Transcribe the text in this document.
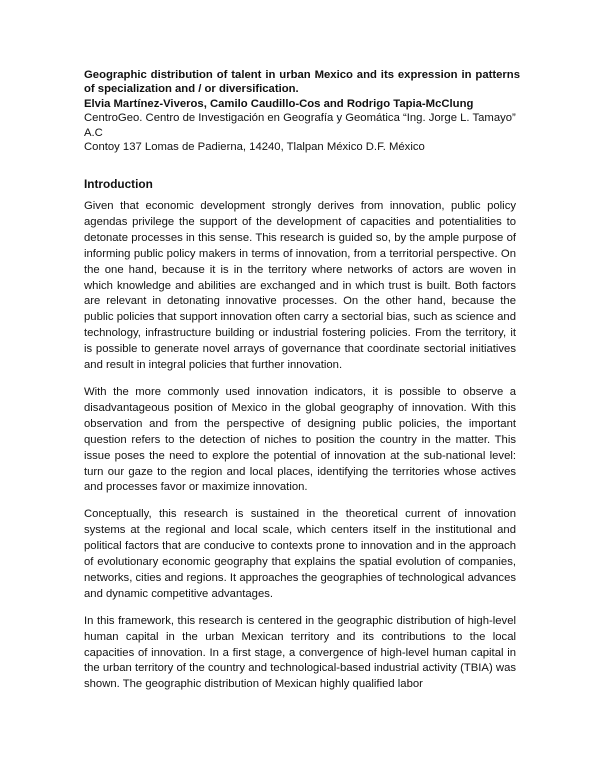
Geographic distribution of talent in urban Mexico and its expression in patterns of specialization and / or diversification.

Elvia Martínez-Viveros, Camilo Caudillo-Cos and Rodrigo Tapia-McClung

CentroGeo. Centro de Investigación en Geografía y Geomática “Ing. Jorge L. Tamayo” A.C

Contoy 137 Lomas de Padierna, 14240, Tlalpan México D.F. México

Introduction

Given that economic development strongly derives from innovation, public policy agendas privilege the support of the development of capacities and potentialities to detonate processes in this sense. This research is guided so, by the ample purpose of informing public policy makers in terms of innovation, from a territorial perspective. On the one hand, because it is in the territory where networks of actors are woven in which knowledge and abilities are exchanged and in which trust is built. Both factors are relevant in detonating innovative processes. On the other hand, because the public policies that support innovation often carry a sectorial bias, such as science and technology, infrastructure building or industrial fostering policies. From the territory, it is possible to generate novel arrays of governance that coordinate sectorial initiatives and result in integral policies that further innovation.

With the more commonly used innovation indicators, it is possible to observe a disadvantageous position of Mexico in the global geography of innovation. With this observation and from the perspective of designing public policies, the important question refers to the detection of niches to position the country in the matter. This issue poses the need to explore the potential of innovation at the sub-national level: turn our gaze to the region and local places, identifying the territories whose actives and processes favor or maximize innovation.

Conceptually, this research is sustained in the theoretical current of innovation systems at the regional and local scale, which centers itself in the institutional and political factors that are conducive to contexts prone to innovation and in the approach of evolutionary economic geography that explains the spatial evolution of companies, networks, cities and regions. It approaches the geographies of technological advances and dynamic competitive advantages.

In this framework, this research is centered in the geographic distribution of high-level human capital in the urban Mexican territory and its contributions to the local capacities of innovation. In a first stage, a convergence of high-level human capital in the urban territory of the country and technological-based industrial activity (TBIA) was shown. The geographic distribution of Mexican highly qualified labor
